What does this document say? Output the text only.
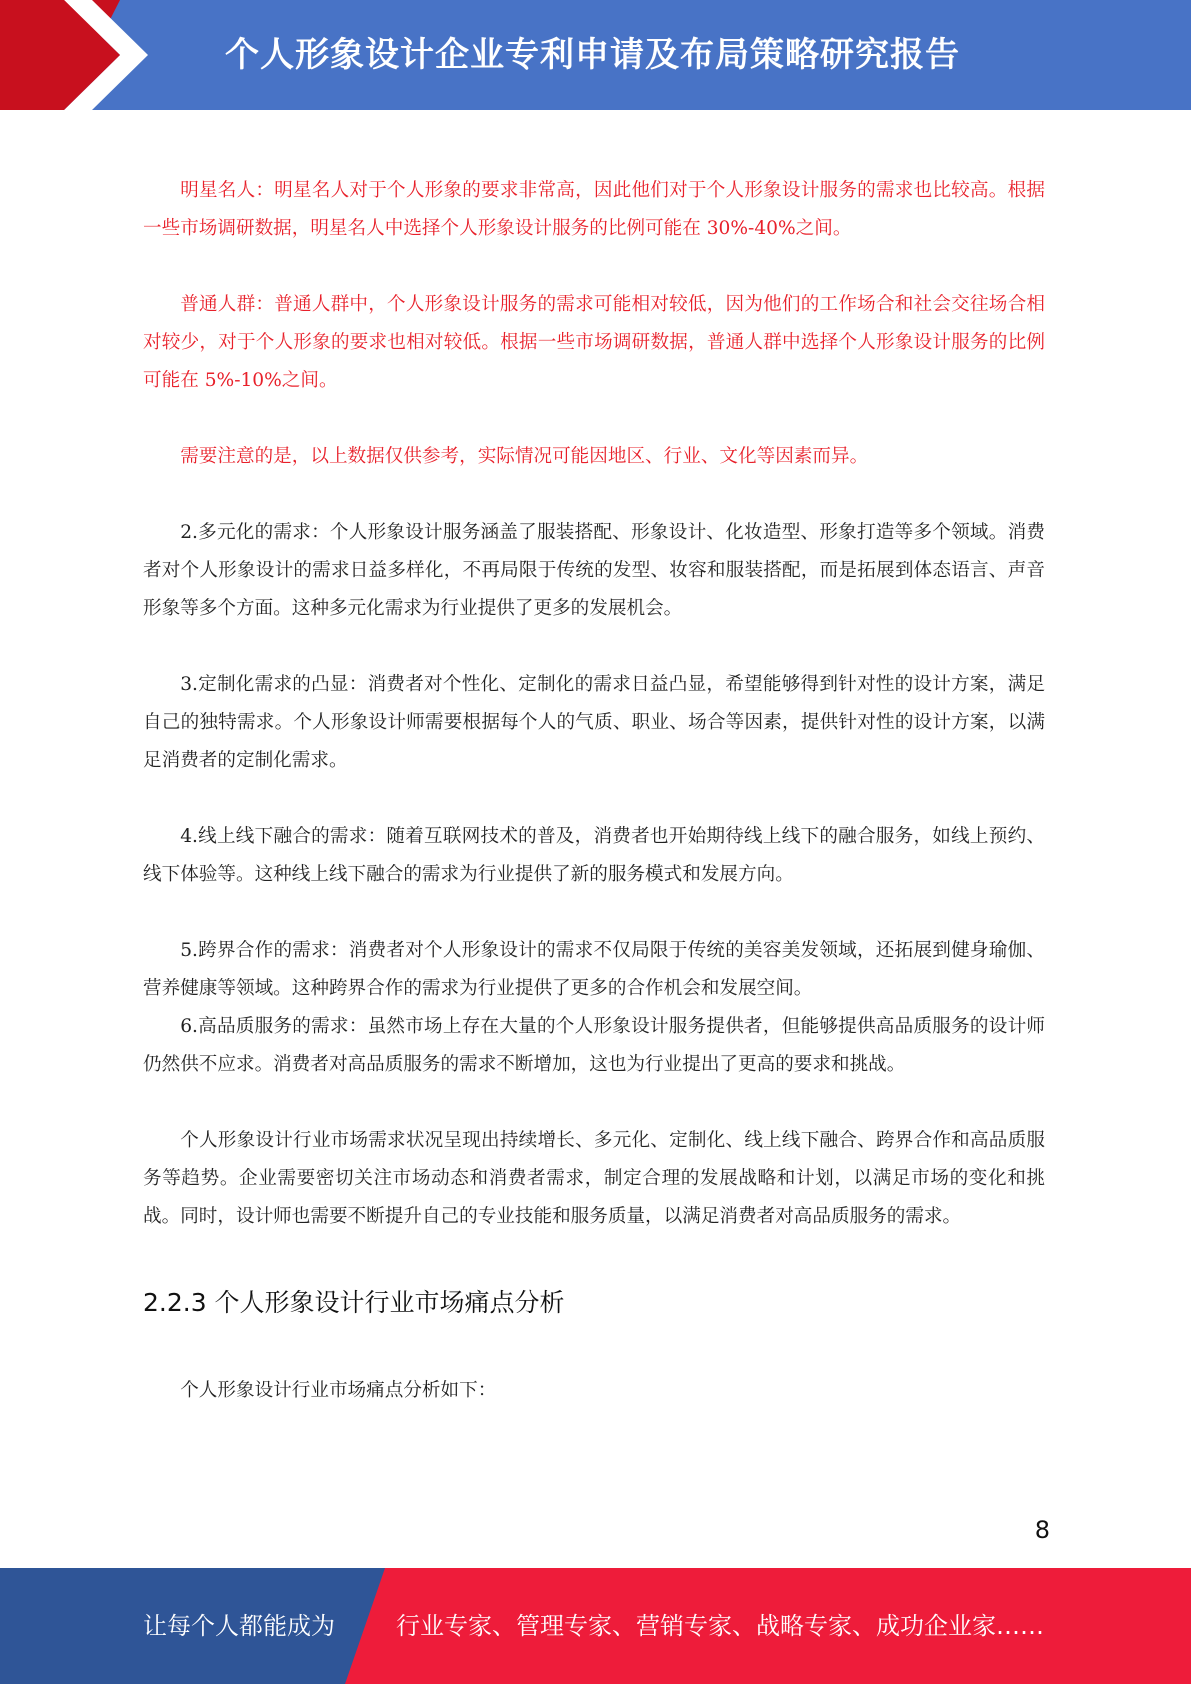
个人形象设计企业专利申请及布局策略研究报告

明星名人：明星名人对于个人形象的要求非常高，因此他们对于个人形象设计服务的需求也比较高。根据一些市场调研数据，明星名人中选择个人形象设计服务的比例可能在 30%-40%之间。

普通人群：普通人群中，个人形象设计服务的需求可能相对较低，因为他们的工作场合和社会交往场合相对较少，对于个人形象的要求也相对较低。根据一些市场调研数据，普通人群中选择个人形象设计服务的比例可能在 5%-10%之间。

需要注意的是，以上数据仅供参考，实际情况可能因地区、行业、文化等因素而异。

2.多元化的需求：个人形象设计服务涵盖了服装搭配、形象设计、化妆造型、形象打造等多个领域。消费者对个人形象设计的需求日益多样化，不再局限于传统的发型、妆容和服装搭配，而是拓展到体态语言、声音形象等多个方面。这种多元化需求为行业提供了更多的发展机会。

3.定制化需求的凸显：消费者对个性化、定制化的需求日益凸显，希望能够得到针对性的设计方案，满足自己的独特需求。个人形象设计师需要根据每个人的气质、职业、场合等因素，提供针对性的设计方案，以满足消费者的定制化需求。

4.线上线下融合的需求：随着互联网技术的普及，消费者也开始期待线上线下的融合服务，如线上预约、线下体验等。这种线上线下融合的需求为行业提供了新的服务模式和发展方向。

5.跨界合作的需求：消费者对个人形象设计的需求不仅局限于传统的美容美发领域，还拓展到健身瑜伽、营养健康等领域。这种跨界合作的需求为行业提供了更多的合作机会和发展空间。

6.高品质服务的需求：虽然市场上存在大量的个人形象设计服务提供者，但能够提供高品质服务的设计师仍然供不应求。消费者对高品质服务的需求不断增加，这也为行业提出了更高的要求和挑战。

个人形象设计行业市场需求状况呈现出持续增长、多元化、定制化、线上线下融合、跨界合作和高品质服务等趋势。企业需要密切关注市场动态和消费者需求，制定合理的发展战略和计划，以满足市场的变化和挑战。同时，设计师也需要不断提升自己的专业技能和服务质量，以满足消费者对高品质服务的需求。

2.2.3 个人形象设计行业市场痛点分析

个人形象设计行业市场痛点分析如下：

8
让每个人都能成为	行业专家、管理专家、营销专家、战略专家、成功企业家……
